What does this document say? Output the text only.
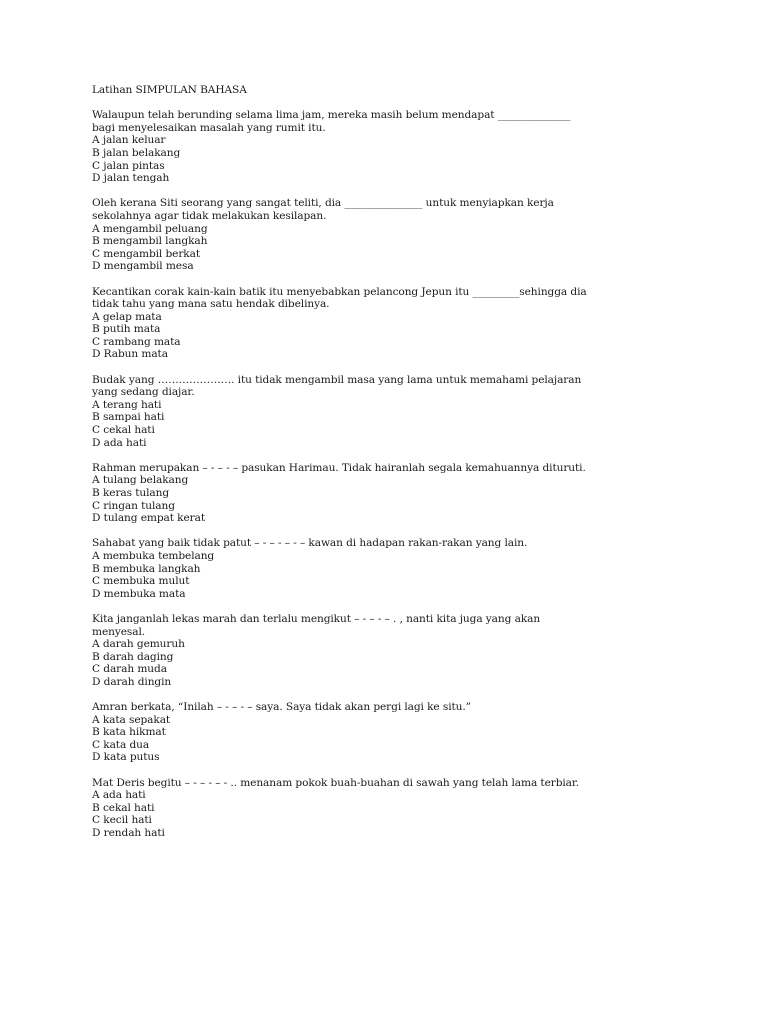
Latihan SIMPULAN BAHASA

Walaupun telah berunding selama lima jam, mereka masih belum mendapat ______________ bagi menyelesaikan masalah yang rumit itu.

A jalan keluar
B jalan belakang
C jalan pintas
D jalan tengah

Oleh kerana Siti seorang yang sangat teliti, dia _______________ untuk menyiapkan kerja sekolahnya agar tidak melakukan kesilapan.

A mengambil peluang
B mengambil langkah
C mengambil berkat
D mengambil mesa

Kecantikan corak kain-kain batik itu menyebabkan pelancong Jepun itu _________sehingga dia tidak tahu yang mana satu hendak dibelinya.

A gelap mata
B putih mata
C rambang mata
D Rabun mata

Budak yang …………………. itu tidak mengambil masa yang lama untuk memahami pelajaran yang sedang diajar.

A terang hati
B sampai hati
C cekal hati
D ada hati

Rahman merupakan – - – - – pasukan Harimau. Tidak hairanlah segala kemahuannya dituruti.

A tulang belakang
B keras tulang
C ringan tulang
D tulang empat kerat

Sahabat yang baik tidak patut – - – - – - – kawan di hadapan rakan-rakan yang lain.

A membuka tembelang
B membuka langkah
C membuka mulut
D membuka mata

Kita janganlah lekas marah dan terlalu mengikut – - – - – . , nanti kita juga yang akan menyesal.

A darah gemuruh
B darah daging
C darah muda
D darah dingin

Amran berkata, “Inilah – - – - – saya. Saya tidak akan pergi lagi ke situ.”

A kata sepakat
B kata hikmat
C kata dua
D kata putus

Mat Deris begitu – - – - – - .. menanam pokok buah-buahan di sawah yang telah lama terbiar.

A ada hati
B cekal hati
C kecil hati
D rendah hati
